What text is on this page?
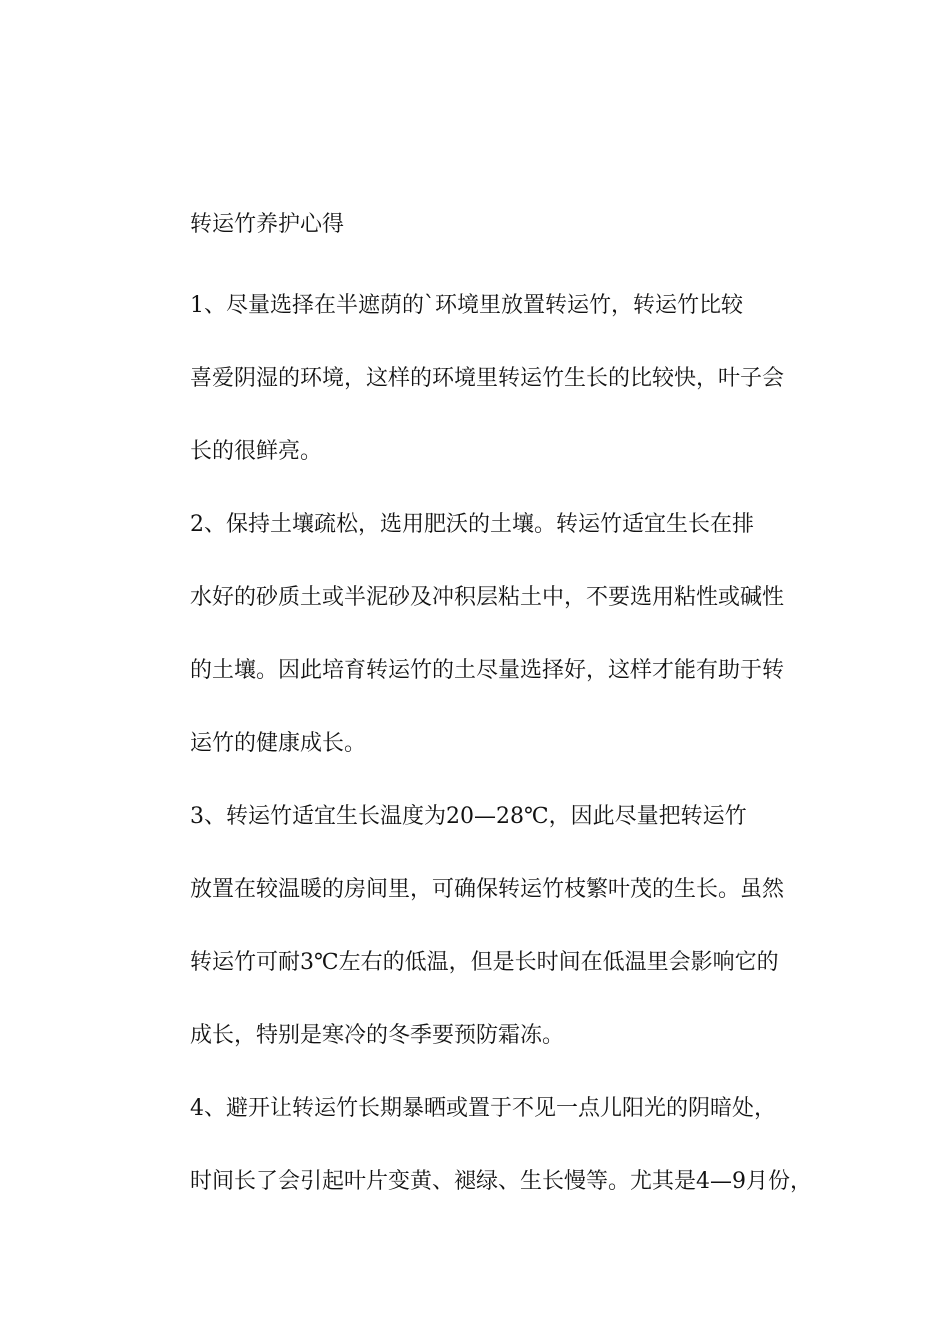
转运竹养护心得

1、尽量选择在半遮荫的`环境里放置转运竹，转运竹比较
喜爱阴湿的环境，这样的环境里转运竹生长的比较快，叶子会
长的很鲜亮。

2、保持土壤疏松，选用肥沃的土壤。转运竹适宜生长在排
水好的砂质土或半泥砂及冲积层粘土中，不要选用粘性或碱性
的土壤。因此培育转运竹的土尽量选择好，这样才能有助于转
运竹的健康成长。

3、转运竹适宜生长温度为20—28℃，因此尽量把转运竹
放置在较温暖的房间里，可确保转运竹枝繁叶茂的生长。虽然
转运竹可耐3℃左右的低温，但是长时间在低温里会影响它的
成长，特别是寒冷的冬季要预防霜冻。

4、避开让转运竹长期暴晒或置于不见一点儿阳光的阴暗处，
时间长了会引起叶片变黄、褪绿、生长慢等。尤其是4—9月份，
